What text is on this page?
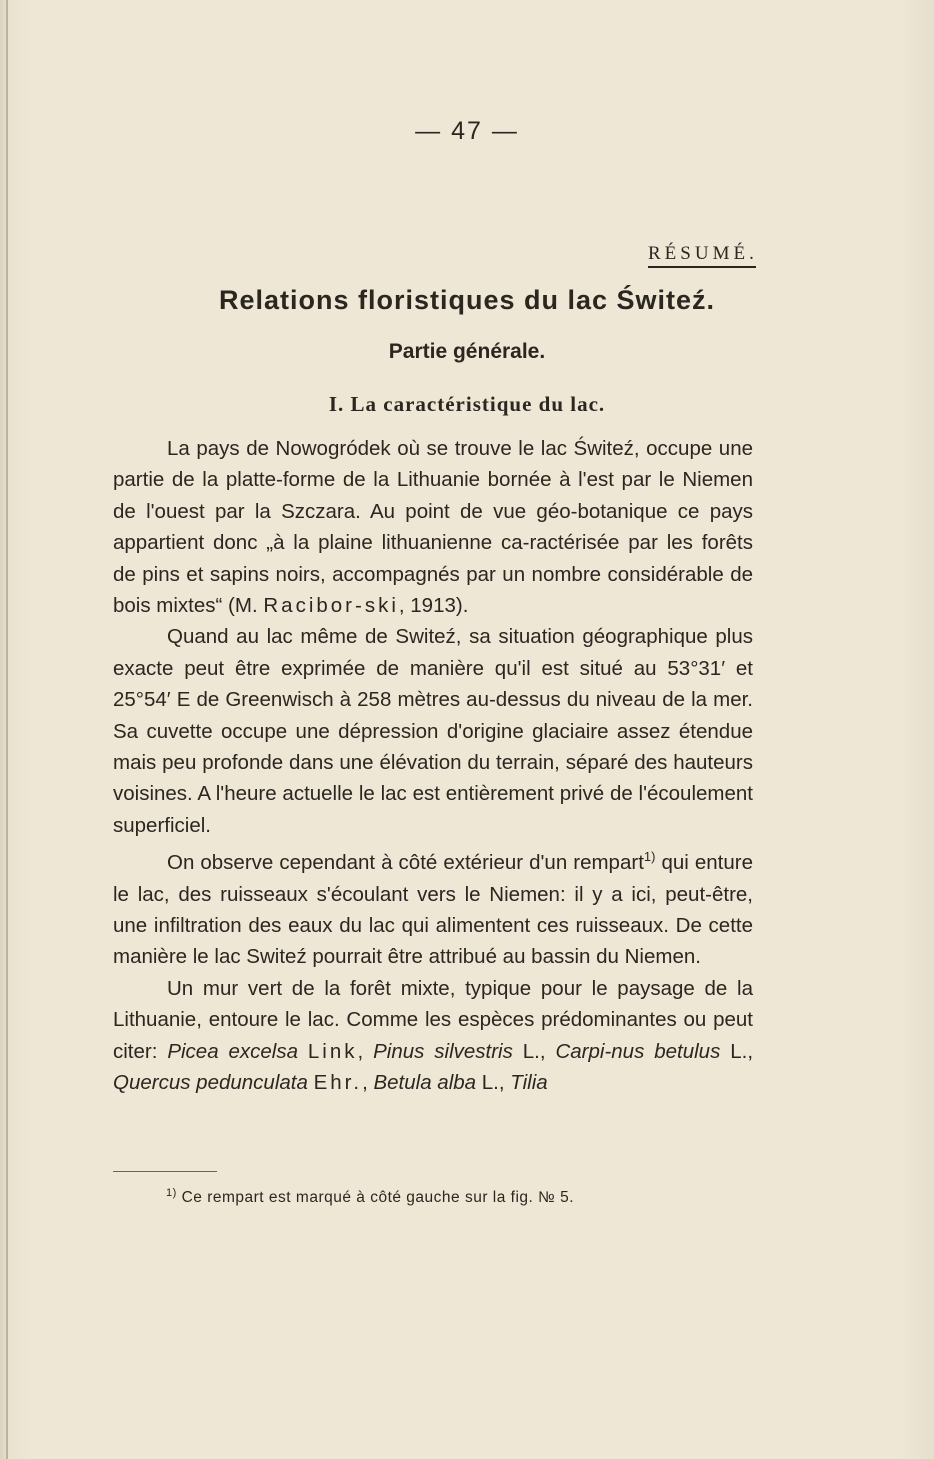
— 47 —
RÉSUMÉ.
Relations floristiques du lac Świteź.
Partie générale.
I. La caractéristique du lac.

La pays de Nowogródek où se trouve le lac Świteź, occupe une partie de la platte-forme de la Lithuanie bornée à l'est par le Niemen de l'ouest par la Szczara. Au point de vue géo-botanique ce pays appartient donc „à la plaine lithuanienne ca-ractérisée par les forêts de pins et sapins noirs, accompagnés par un nombre considérable de bois mixtes“ (M. Racibor-ski, 1913).

Quand au lac même de Switeź, sa situation géographique plus exacte peut être exprimée de manière qu'il est situé au 53°31′ et 25°54′ E de Greenwisch à 258 mètres au-dessus du niveau de la mer. Sa cuvette occupe une dépression d'origine glaciaire assez étendue mais peu profonde dans une élévation du terrain, séparé des hauteurs voisines. A l'heure actuelle le lac est entièrement privé de l'écoulement superficiel.

On observe cependant à côté extérieur d'un rempart$^{1)}$ qui enture le lac, des ruisseaux s'écoulant vers le Niemen: il y a ici, peut-être, une infiltration des eaux du lac qui alimentent ces ruisseaux. De cette manière le lac Switeź pourrait être attribué au bassin du Niemen.

Un mur vert de la forêt mixte, typique pour le paysage de la Lithuanie, entoure le lac. Comme les espèces prédominantes ou peut citer: Picea excelsa Link, Pinus silvestris L., Carpi-nus betulus L., Quercus pedunculata Ehr., Betula alba L., Tilia

$^{1)}$ Ce rempart est marqué à côté gauche sur la fig. № 5.
